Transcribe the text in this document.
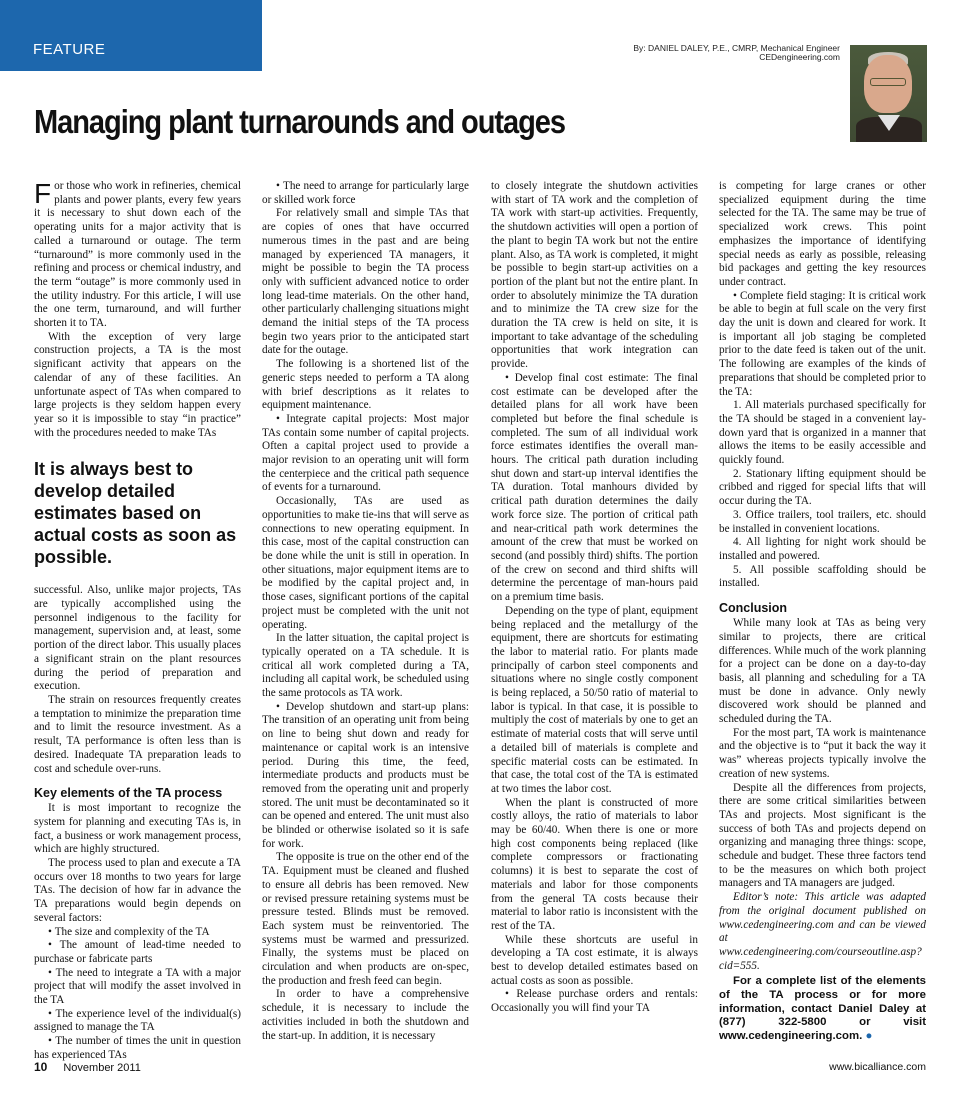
FEATURE	By: DANIEL DALEY, P.E., CMRP, Mechanical Engineer
CEDengineering.com
Managing plant turnarounds and outages
F or those who work in refineries, chemical plants and power plants, every few years it is necessary to shut down each of the operating units for a major activity that is called a turnaround or outage. The term “turnaround” is more commonly used in the refining and process or chemical industry, and the term “outage” is more commonly used in the utility industry. For this article, I will use the one term, turnaround, and will further shorten it to TA.

With the exception of very large construction projects, a TA is the most significant activity that appears on the calendar of any of these facilities. An unfortunate aspect of TAs when compared to large projects is they seldom happen every year so it is impossible to stay “in practice” with the procedures needed to make TAs

It is always best to develop detailed estimates based on actual costs as soon as possible.

successful. Also, unlike major projects, TAs are typically accomplished using the personnel indigenous to the facility for management, supervision and, at least, some portion of the direct labor. This usually places a significant strain on the plant resources during the period of preparation and execution.

The strain on resources frequently creates a temptation to minimize the preparation time and to limit the resource investment. As a result, TA performance is often less than is desired. Inadequate TA preparation leads to cost and schedule over-runs.

Key elements of the TA process

It is most important to recognize the system for planning and executing TAs is, in fact, a business or work management process, which are highly structured.

The process used to plan and execute a TA occurs over 18 months to two years for large TAs. The decision of how far in advance the TA preparations would begin depends on several factors:

• The size and complexity of the TA

• The amount of lead-time needed to purchase or fabricate parts

• The need to integrate a TA with a major project that will modify the asset involved in the TA

• The experience level of the individual(s) assigned to manage the TA

• The number of times the unit in question has experienced TAs

• The need to arrange for particularly large or skilled work force

For relatively small and simple TAs that are copies of ones that have occurred numerous times in the past and are being managed by experienced TA managers, it might be possible to begin the TA process only with sufficient advanced notice to order long lead-time materials. On the other hand, other particularly challenging situations might demand the initial steps of the TA process begin two years prior to the anticipated start date for the outage.

The following is a shortened list of the generic steps needed to perform a TA along with brief descriptions as it relates to equipment maintenance.

• Integrate capital projects: Most major TAs contain some number of capital projects. Often a capital project used to provide a major revision to an operating unit will form the centerpiece and the critical path sequence of events for a turnaround.

Occasionally, TAs are used as opportunities to make tie-ins that will serve as connections to new operating equipment. In this case, most of the capital construction can be done while the unit is still in operation. In other situations, major equipment items are to be modified by the capital project and, in those cases, significant portions of the capital project must be completed with the unit not operating.

In the latter situation, the capital project is typically operated on a TA schedule. It is critical all work completed during a TA, including all capital work, be scheduled using the same protocols as TA work.

• Develop shutdown and start-up plans: The transition of an operating unit from being on line to being shut down and ready for maintenance or capital work is an intensive period. During this time, the feed, intermediate products and products must be removed from the operating unit and properly stored. The unit must be decontaminated so it can be opened and entered. The unit must also be blinded or otherwise isolated so it is safe for work.

The opposite is true on the other end of the TA. Equipment must be cleaned and flushed to ensure all debris has been removed. New or revised pressure retaining systems must be pressure tested. Blinds must be removed. Each system must be reinventoried. The systems must be warmed and pressurized. Finally, the systems must be placed on circulation and when products are on-spec, the production and fresh feed can begin.

In order to have a comprehensive schedule, it is necessary to include the activities included in both the shutdown and the start-up. In addition, it is necessary

to closely integrate the shutdown activities with start of TA work and the completion of TA work with start-up activities. Frequently, the shutdown activities will open a portion of the plant to begin TA work but not the entire plant. Also, as TA work is completed, it might be possible to begin start-up activities on a portion of the plant but not the entire plant. In order to absolutely minimize the TA duration and to minimize the TA crew size for the duration the TA crew is held on site, it is important to take advantage of the scheduling opportunities that work integration can provide.

• Develop final cost estimate: The final cost estimate can be developed after the detailed plans for all work have been completed but before the final schedule is completed. The sum of all individual work force estimates identifies the overall man-hours. The critical path duration including shut down and start-up interval identifies the TA duration. Total manhours divided by critical path duration determines the daily work force size. The portion of critical path and near-critical path work determines the amount of the crew that must be worked on second (and possibly third) shifts. The portion of the crew on second and third shifts will determine the percentage of man-hours paid on a premium time basis.

Depending on the type of plant, equipment being replaced and the metallurgy of the equipment, there are shortcuts for estimating the labor to material ratio. For plants made principally of carbon steel components and situations where no single costly component is being replaced, a 50/50 ratio of material to labor is typical. In that case, it is possible to multiply the cost of materials by one to get an estimate of material costs that will serve until a detailed bill of materials is complete and specific material costs can be estimated. In that case, the total cost of the TA is estimated at two times the labor cost.

When the plant is constructed of more costly alloys, the ratio of materials to labor may be 60/40. When there is one or more high cost components being replaced (like complete compressors or fractionating columns) it is best to separate the cost of materials and labor for those components from the general TA costs because their material to labor ratio is inconsistent with the rest of the TA.

While these shortcuts are useful in developing a TA cost estimate, it is always best to develop detailed estimates based on actual costs as soon as possible.

• Release purchase orders and rentals: Occasionally you will find your TA

is competing for large cranes or other specialized equipment during the time selected for the TA. The same may be true of specialized work crews. This point emphasizes the importance of identifying special needs as early as possible, releasing bid packages and getting the key resources under contract.

• Complete field staging: It is critical work be able to begin at full scale on the very first day the unit is down and cleared for work. It is important all job staging be completed prior to the date feed is taken out of the unit. The following are examples of the kinds of preparations that should be completed prior to the TA:

1. All materials purchased specifically for the TA should be staged in a convenient lay-down yard that is organized in a manner that allows the items to be easily accessible and quickly found.

2. Stationary lifting equipment should be cribbed and rigged for special lifts that will occur during the TA.

3. Office trailers, tool trailers, etc. should be installed in convenient locations.

4. All lighting for night work should be installed and powered.

5. All possible scaffolding should be installed.

Conclusion

While many look at TAs as being very similar to projects, there are critical differences. While much of the work planning for a project can be done on a day-to-day basis, all planning and scheduling for a TA must be done in advance. Only newly discovered work should be planned and scheduled during the TA.

For the most part, TA work is maintenance and the objective is to “put it back the way it was” whereas projects typically involve the creation of new systems.

Despite all the differences from projects, there are some critical similarities between TAs and projects. Most significant is the success of both TAs and projects depend on organizing and managing three things: scope, schedule and budget. These three factors tend to be the measures on which both project managers and TA managers are judged.

Editor’s note: This article was adapted from the original document published on www.cedengineering.com and can be viewed at www.cedengineering.com/courseoutline.asp?cid=555.

For a complete list of the elements of the TA process or for more information, contact Daniel Daley at (877) 322-5800 or visit www.cedengineering.com. ●

10 November 2011	www.bicalliance.com
